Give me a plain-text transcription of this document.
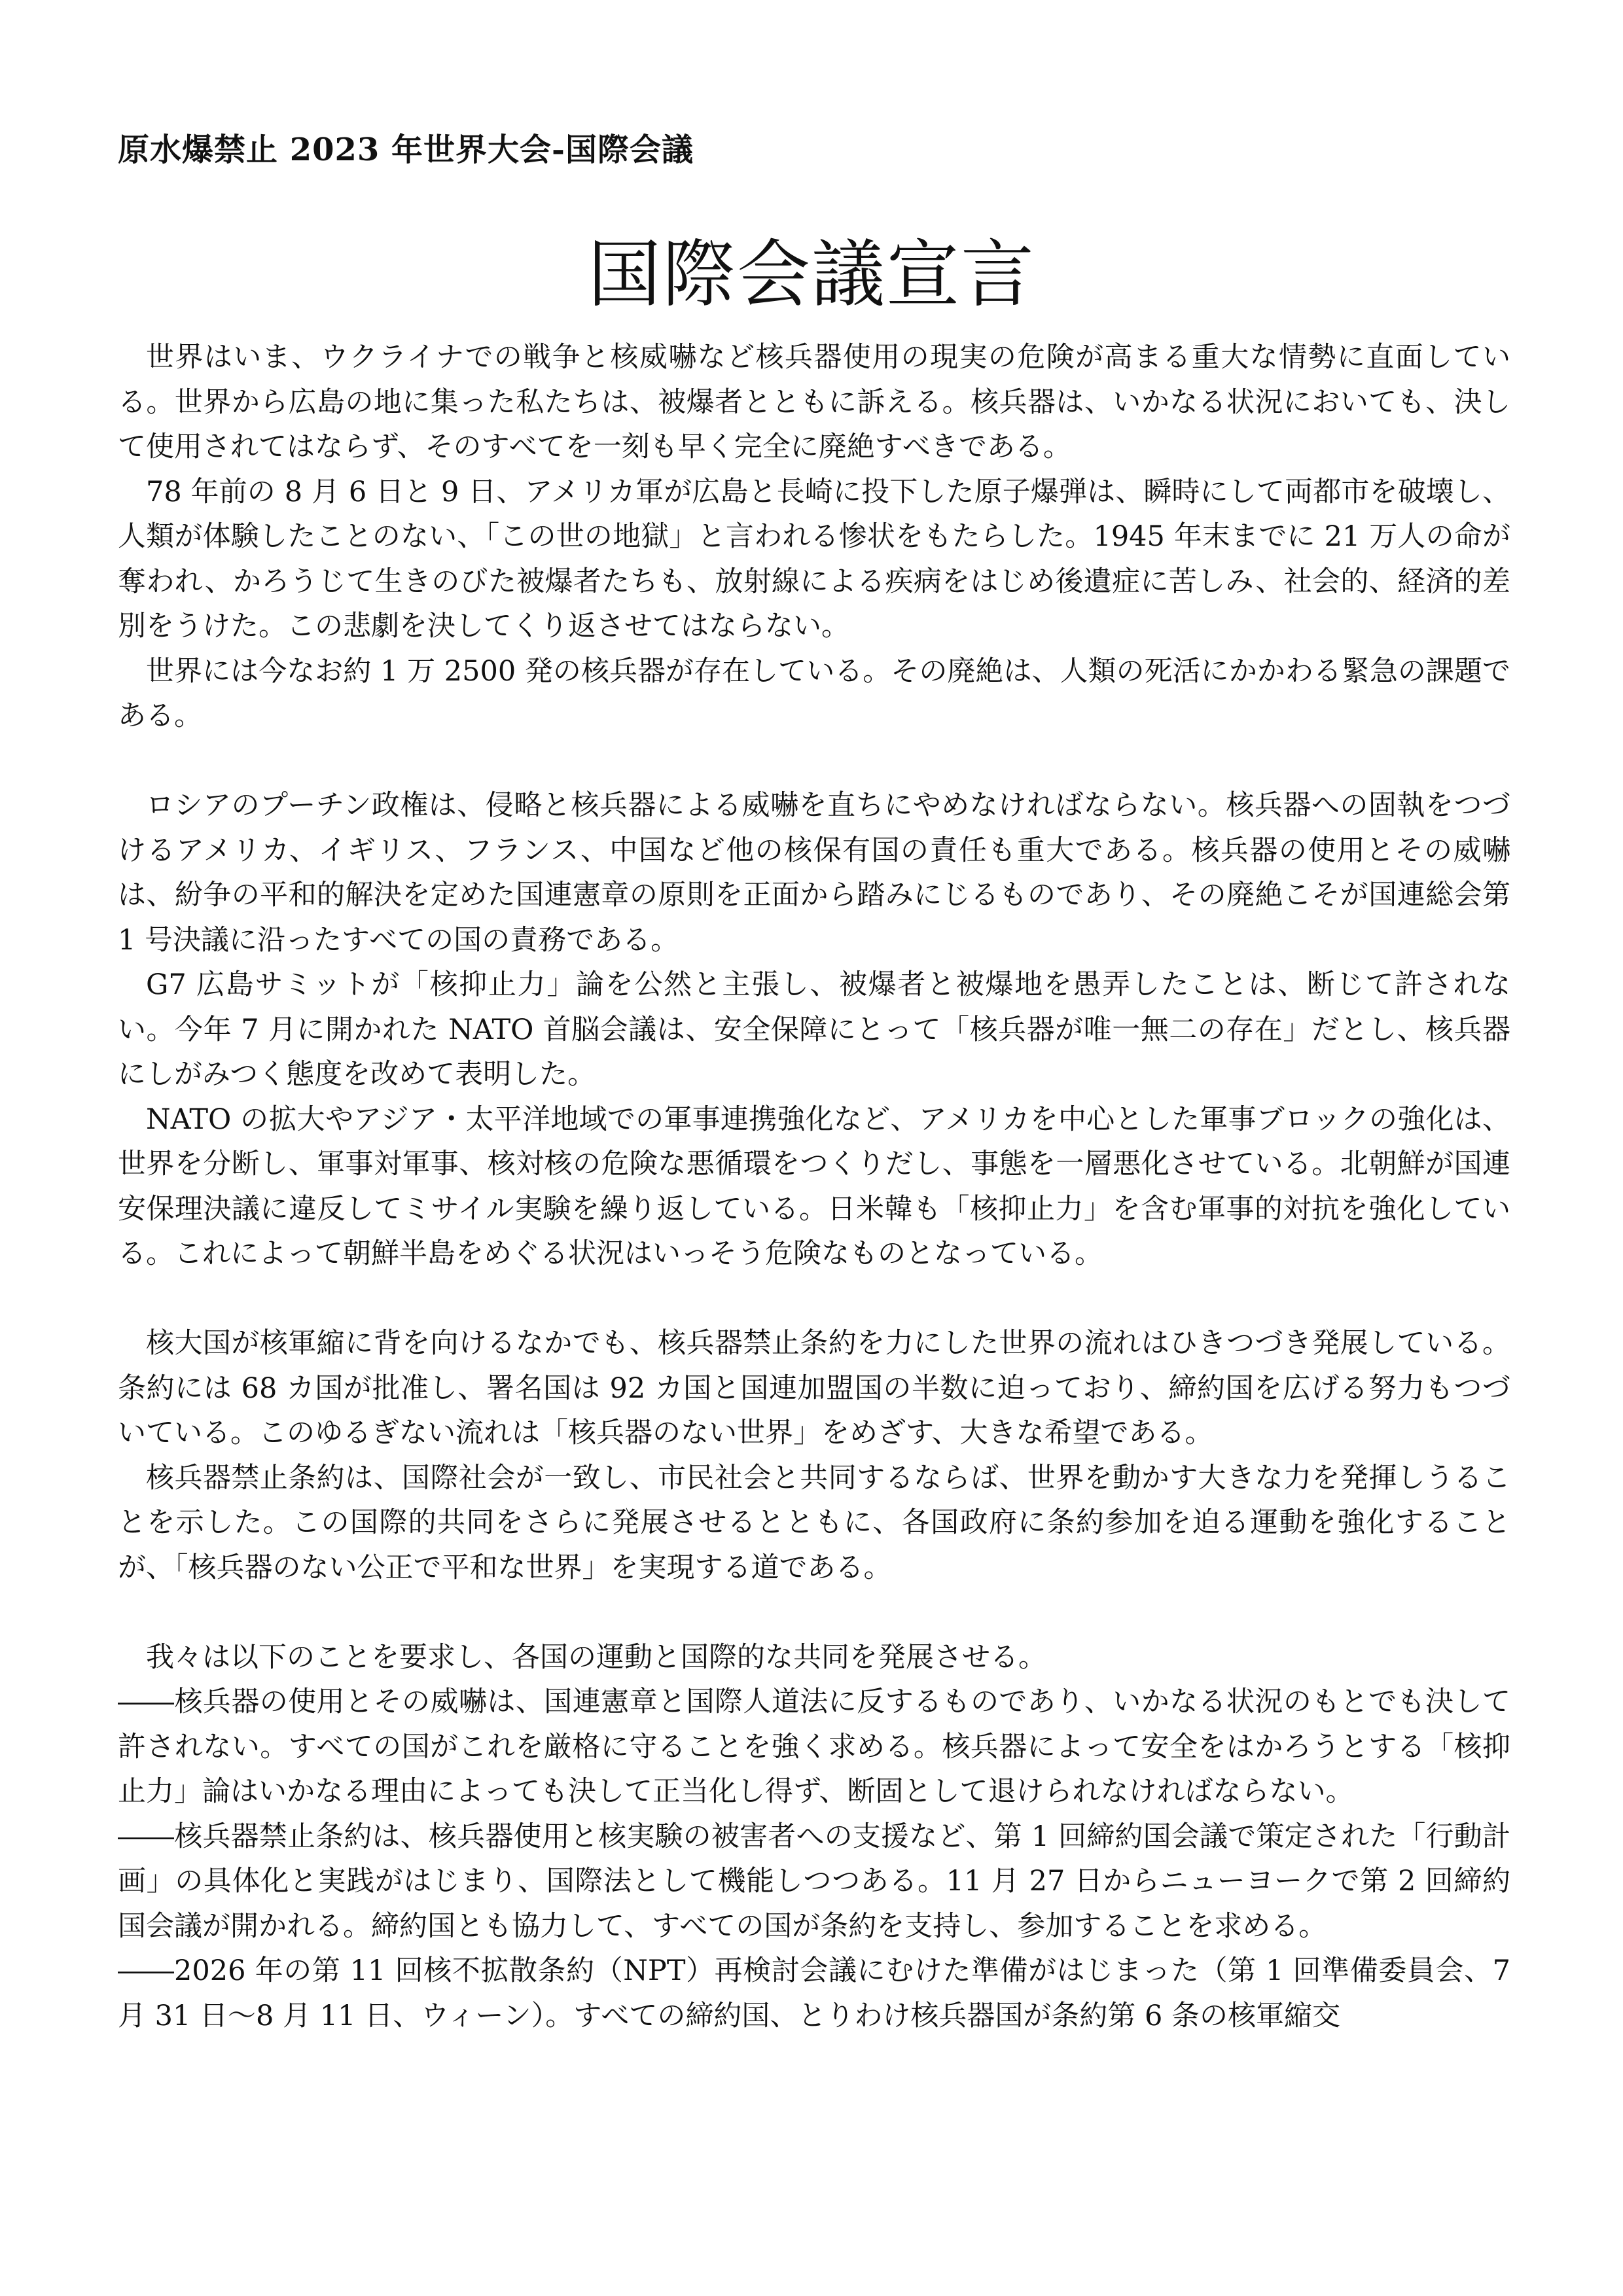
原水爆禁止 2023 年世界大会-国際会議
国際会議宣言

世界はいま、ウクライナでの戦争と核威嚇など核兵器使用の現実の危険が高まる重大な情勢に直面している。世界から広島の地に集った私たちは、被爆者とともに訴える。核兵器は、いかなる状況においても、決して使用されてはならず、そのすべてを一刻も早く完全に廃絶すべきである。

78 年前の 8 月 6 日と 9 日、アメリカ軍が広島と長崎に投下した原子爆弾は、瞬時にして両都市を破壊し、人類が体験したことのない、「この世の地獄」と言われる惨状をもたらした。1945 年末までに 21 万人の命が奪われ、かろうじて生きのびた被爆者たちも、放射線による疾病をはじめ後遺症に苦しみ、社会的、経済的差別をうけた。この悲劇を決してくり返させてはならない。

世界には今なお約 1 万 2500 発の核兵器が存在している。その廃絶は、人類の死活にかかわる緊急の課題である。

ロシアのプーチン政権は、侵略と核兵器による威嚇を直ちにやめなければならない。核兵器への固執をつづけるアメリカ、イギリス、フランス、中国など他の核保有国の責任も重大である。核兵器の使用とその威嚇は、紛争の平和的解決を定めた国連憲章の原則を正面から踏みにじるものであり、その廃絶こそが国連総会第 1 号決議に沿ったすべての国の責務である。

G7 広島サミットが「核抑止力」論を公然と主張し、被爆者と被爆地を愚弄したことは、断じて許されない。今年 7 月に開かれた NATO 首脳会議は、安全保障にとって「核兵器が唯一無二の存在」だとし、核兵器にしがみつく態度を改めて表明した。

NATO の拡大やアジア・太平洋地域での軍事連携強化など、アメリカを中心とした軍事ブロックの強化は、世界を分断し、軍事対軍事、核対核の危険な悪循環をつくりだし、事態を一層悪化させている。北朝鮮が国連安保理決議に違反してミサイル実験を繰り返している。日米韓も「核抑止力」を含む軍事的対抗を強化している。これによって朝鮮半島をめぐる状況はいっそう危険なものとなっている。

核大国が核軍縮に背を向けるなかでも、核兵器禁止条約を力にした世界の流れはひきつづき発展している。条約には 68 カ国が批准し、署名国は 92 カ国と国連加盟国の半数に迫っており、締約国を広げる努力もつづいている。このゆるぎない流れは「核兵器のない世界」をめざす、大きな希望である。

核兵器禁止条約は、国際社会が一致し、市民社会と共同するならば、世界を動かす大きな力を発揮しうることを示した。この国際的共同をさらに発展させるとともに、各国政府に条約参加を迫る運動を強化することが、「核兵器のない公正で平和な世界」を実現する道である。

我々は以下のことを要求し、各国の運動と国際的な共同を発展させる。

――核兵器の使用とその威嚇は、国連憲章と国際人道法に反するものであり、いかなる状況のもとでも決して許されない。すべての国がこれを厳格に守ることを強く求める。核兵器によって安全をはかろうとする「核抑止力」論はいかなる理由によっても決して正当化し得ず、断固として退けられなければならない。

――核兵器禁止条約は、核兵器使用と核実験の被害者への支援など、第 1 回締約国会議で策定された「行動計画」の具体化と実践がはじまり、国際法として機能しつつある。11 月 27 日からニューヨークで第 2 回締約国会議が開かれる。締約国とも協力して、すべての国が条約を支持し、参加することを求める。

――2026 年の第 11 回核不拡散条約（NPT）再検討会議にむけた準備がはじまった（第 1 回準備委員会、7 月 31 日～8 月 11 日、ウィーン）。すべての締約国、とりわけ核兵器国が条約第 6 条の核軍縮交
